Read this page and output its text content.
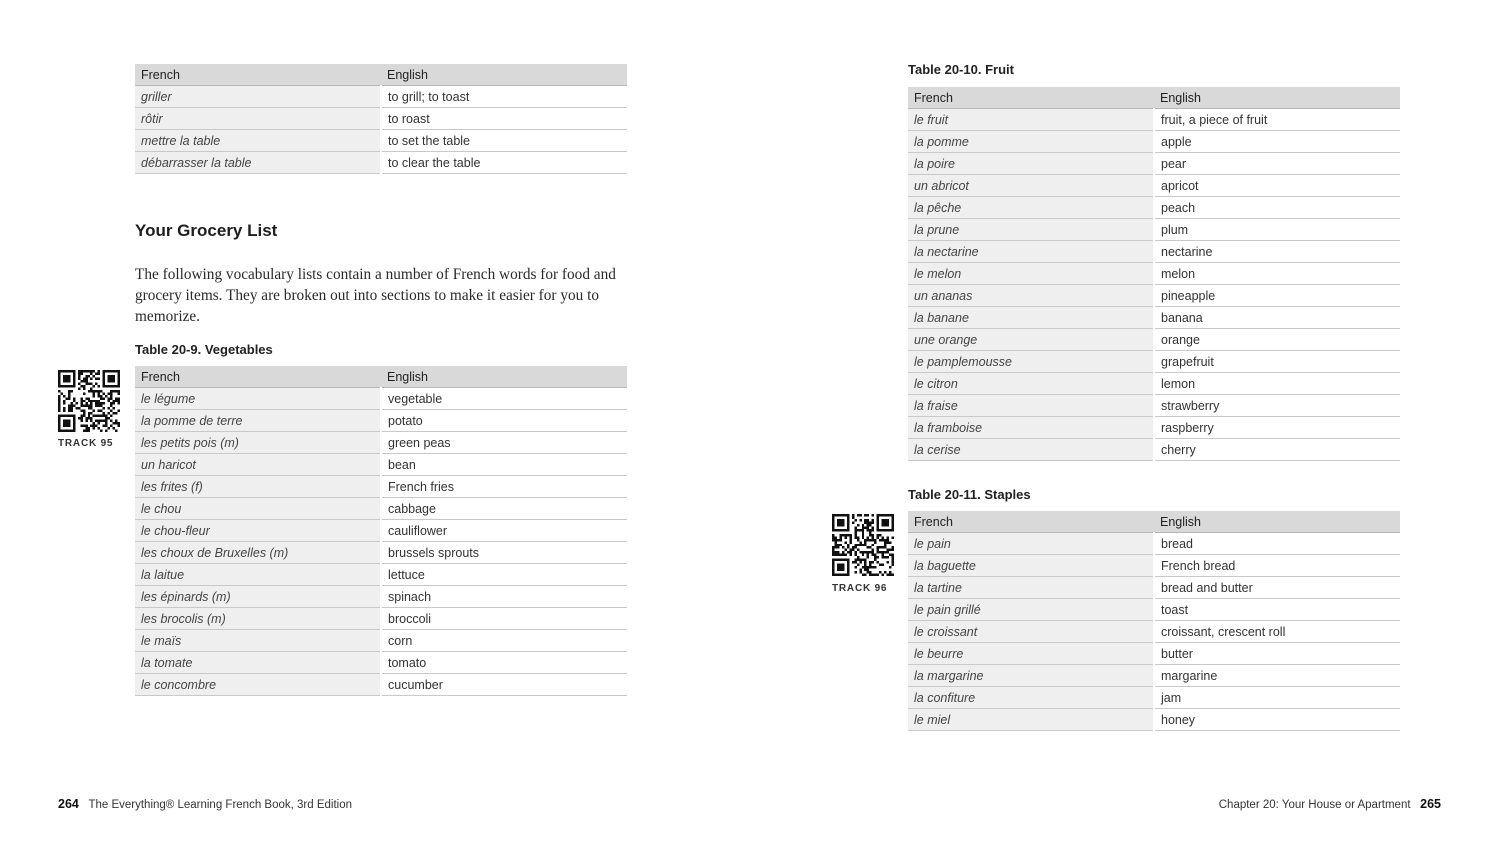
French	English
griller	to grill; to toast
rôtir	to roast
mettre la table	to set the table
débarrasser la table	to clear the table
Your Grocery List
The following vocabulary lists contain a number of French words for food and grocery items. They are broken out into sections to make it easier for you to memorize.
Table 20-9. Vegetables
TRACK 95
French	English
le légume	vegetable
la pomme de terre	potato
les petits pois (m)	green peas
un haricot	bean
les frites (f)	French fries
le chou	cabbage
le chou-fleur	cauliflower
les choux de Bruxelles (m)	brussels sprouts
la laitue	lettuce
les épinards (m)	spinach
les brocolis (m)	broccoli
le maïs	corn
la tomate	tomato
le concombre	cucumber
264 The Everything® Learning French Book, 3rd Edition
Table 20-10. Fruit
French	English
le fruit	fruit, a piece of fruit
la pomme	apple
la poire	pear
un abricot	apricot
la pêche	peach
la prune	plum
la nectarine	nectarine
le melon	melon
un ananas	pineapple
la banane	banana
une orange	orange
le pamplemousse	grapefruit
le citron	lemon
la fraise	strawberry
la framboise	raspberry
la cerise	cherry
Table 20-11. Staples
TRACK 96
French	English
le pain	bread
la baguette	French bread
la tartine	bread and butter
le pain grillé	toast
le croissant	croissant, crescent roll
le beurre	butter
la margarine	margarine
la confiture	jam
le miel	honey
Chapter 20: Your House or Apartment 265
